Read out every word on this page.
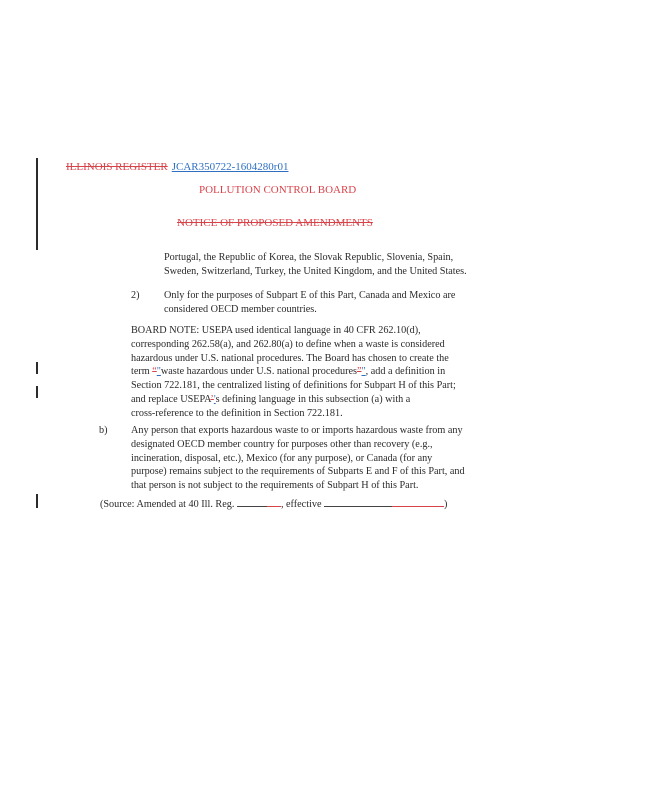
ILLINOIS REGISTER JCAR350722-1604280r01
POLLUTION CONTROL BOARD
NOTICE OF PROPOSED AMENDMENTS
Portugal, the Republic of Korea, the Slovak Republic, Slovenia, Spain,
Sweden, Switzerland, Turkey, the United Kingdom, and the United States.
2) Only for the purposes of Subpart E of this Part, Canada and Mexico are
considered OECD member countries.
BOARD NOTE: USEPA used identical language in 40 CFR 262.10(d),
corresponding 262.58(a), and 262.80(a) to define when a waste is considered
hazardous under U.S. national procedures. The Board has chosen to create the
term “"waste hazardous under U.S. national procedures”", add a definition in
Section 722.181, the centralized listing of definitions for Subpart H of this Part;
and replace USEPA’'s defining language in this subsection (a) with a
cross-reference to the definition in Section 722.181.
b) Any person that exports hazardous waste to or imports hazardous waste from any
designated OECD member country for purposes other than recovery (e.g.,
incineration, disposal, etc.), Mexico (for any purpose), or Canada (for any
purpose) remains subject to the requirements of Subparts E and F of this Part, and
that person is not subject to the requirements of Subpart H of this Part.
(Source: Amended at 40 Ill. Reg.	, effective	)
